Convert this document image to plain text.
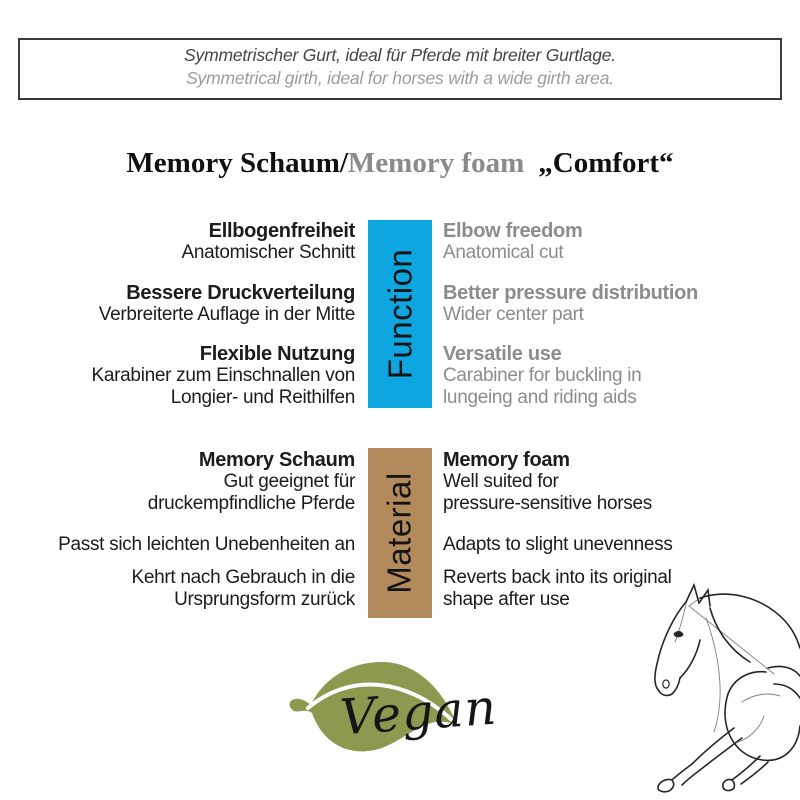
Symmetrischer Gurt, ideal für Pferde mit breiter Gurtlage.
Symmetrical girth, ideal for horses with a wide girth area.
Memory Schaum/Memory foam „Comfort“
Function
Ellbogenfreiheit
Anatomischer Schnitt
Elbow freedom
Anatomical cut
Bessere Druckverteilung
Verbreiterte Auflage in der Mitte
Better pressure distribution
Wider center part
Flexible Nutzung
Karabiner zum Einschnallen von
Longier- und Reithilfen
Versatile use
Carabiner for buckling in
lungeing and riding aids
Material
Memory Schaum
Gut geeignet für
druckempfindliche Pferde
Memory foam
Well suited for
pressure-sensitive horses
Passt sich leichten Unebenheiten an	Adapts to slight unevenness
Kehrt nach Gebrauch in die
Ursprungsform zurück
Reverts back into its original
shape after use
Vegan
